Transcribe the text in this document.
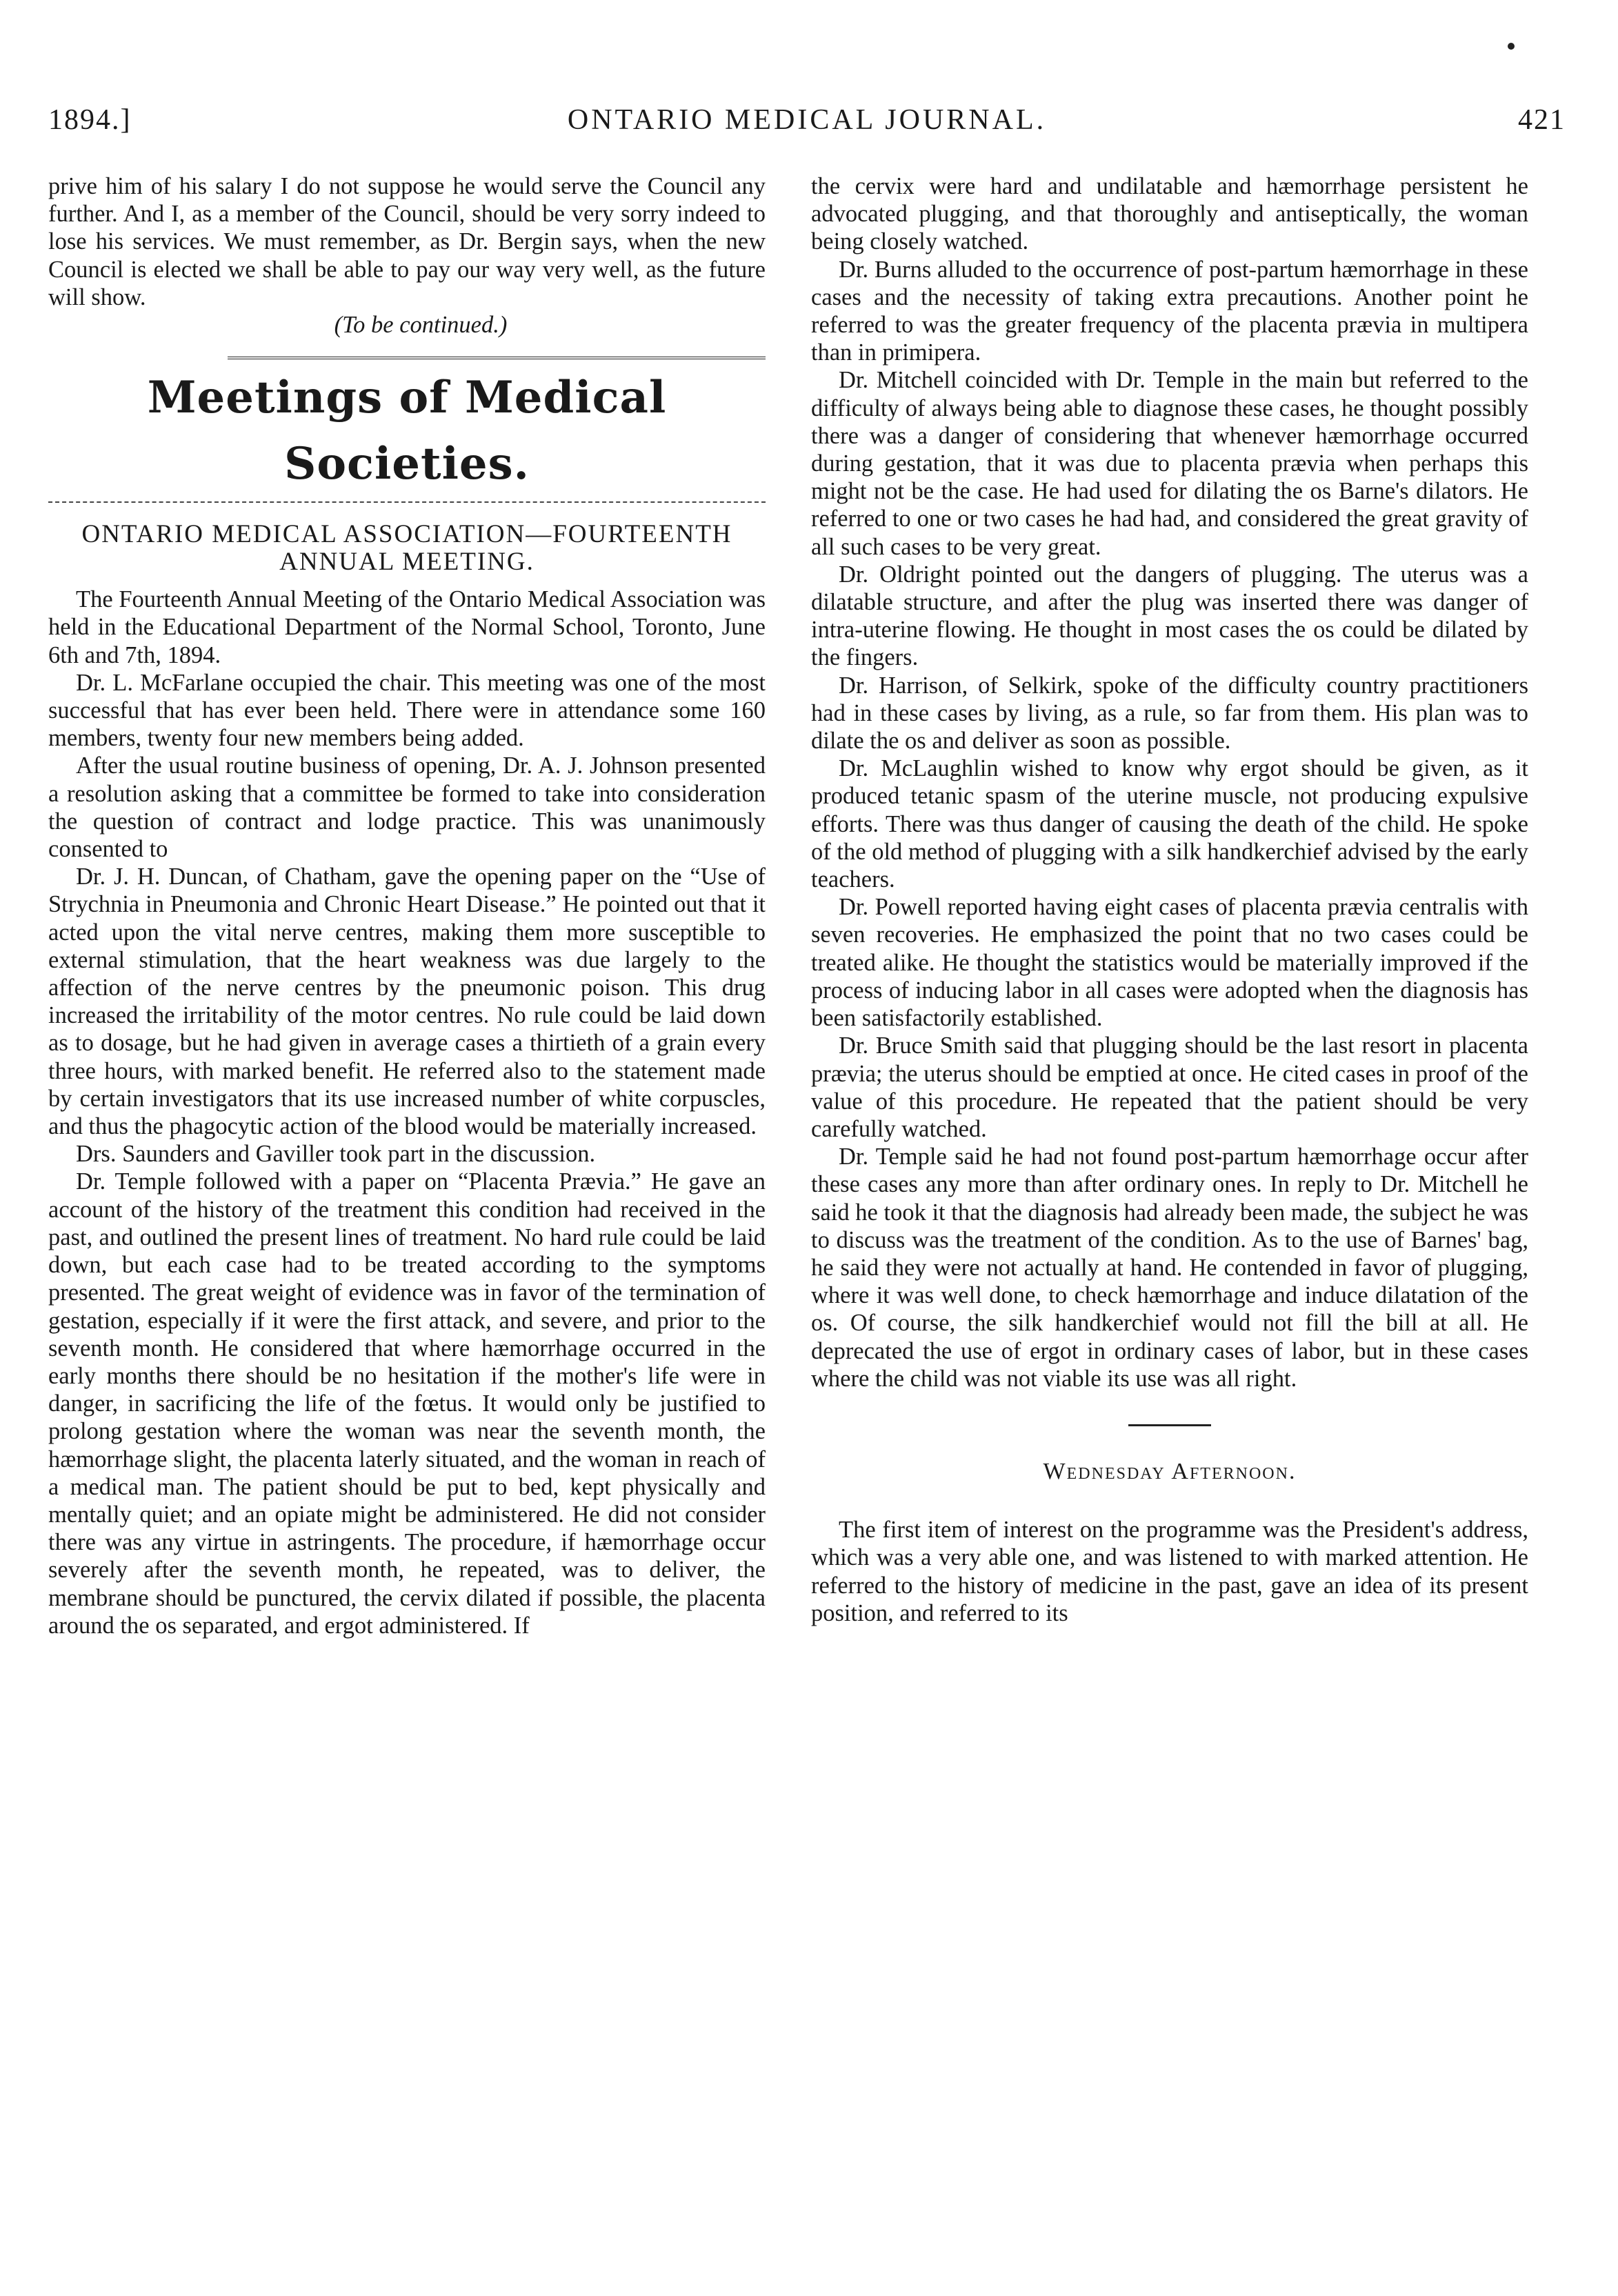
1894.]	ONTARIO MEDICAL JOURNAL.	421

prive him of his salary I do not suppose he would serve the Council any further. And I, as a member of the Council, should be very sorry indeed to lose his services. We must remember, as Dr. Bergin says, when the new Council is elected we shall be able to pay our way very well, as the future will show.

(To be continued.)

Meetings of Medical Societies.
ONTARIO MEDICAL ASSOCIATION—FOURTEENTH ANNUAL MEETING.

The Fourteenth Annual Meeting of the Ontario Medical Association was held in the Educational Department of the Normal School, Toronto, June 6th and 7th, 1894.

Dr. L. McFarlane occupied the chair. This meeting was one of the most successful that has ever been held. There were in attendance some 160 members, twenty four new members being added.

After the usual routine business of opening, Dr. A. J. Johnson presented a resolution asking that a committee be formed to take into consideration the question of contract and lodge practice. This was unanimously consented to

Dr. J. H. Duncan, of Chatham, gave the opening paper on the “Use of Strychnia in Pneumonia and Chronic Heart Disease.” He pointed out that it acted upon the vital nerve centres, making them more susceptible to external stimulation, that the heart weakness was due largely to the affection of the nerve centres by the pneumonic poison. This drug increased the irritability of the motor centres. No rule could be laid down as to dosage, but he had given in average cases a thirtieth of a grain every three hours, with marked benefit. He referred also to the statement made by certain investigators that its use increased number of white corpuscles, and thus the phagocytic action of the blood would be materially increased.

Drs. Saunders and Gaviller took part in the discussion.

Dr. Temple followed with a paper on “Placenta Prævia.” He gave an account of the history of the treatment this condition had received in the past, and outlined the present lines of treatment. No hard rule could be laid down, but each case had to be treated according to the symptoms presented. The great weight of evidence was in favor of the termination of gestation, especially if it were the first attack, and severe, and prior to the seventh month. He considered that where hæmorrhage occurred in the early months there should be no hesitation if the mother's life were in danger, in sacrificing the life of the fœtus. It would only be justified to prolong gestation where the woman was near the seventh month, the hæmorrhage slight, the placenta laterly situated, and the woman in reach of a medical man. The patient should be put to bed, kept physically and mentally quiet; and an opiate might be administered. He did not consider there was any virtue in astringents. The procedure, if hæmorrhage occur severely after the seventh month, he repeated, was to deliver, the membrane should be punctured, the cervix dilated if possible, the placenta around the os separated, and ergot administered. If

the cervix were hard and undilatable and hæmorrhage persistent he advocated plugging, and that thoroughly and antiseptically, the woman being closely watched.

Dr. Burns alluded to the occurrence of post-partum hæmorrhage in these cases and the necessity of taking extra precautions. Another point he referred to was the greater frequency of the placenta prævia in multipera than in primipera.

Dr. Mitchell coincided with Dr. Temple in the main but referred to the difficulty of always being able to diagnose these cases, he thought possibly there was a danger of considering that whenever hæmorrhage occurred during gestation, that it was due to placenta prævia when perhaps this might not be the case. He had used for dilating the os Barne's dilators. He referred to one or two cases he had had, and considered the great gravity of all such cases to be very great.

Dr. Oldright pointed out the dangers of plugging. The uterus was a dilatable structure, and after the plug was inserted there was danger of intra-uterine flowing. He thought in most cases the os could be dilated by the fingers.

Dr. Harrison, of Selkirk, spoke of the difficulty country practitioners had in these cases by living, as a rule, so far from them. His plan was to dilate the os and deliver as soon as possible.

Dr. McLaughlin wished to know why ergot should be given, as it produced tetanic spasm of the uterine muscle, not producing expulsive efforts. There was thus danger of causing the death of the child. He spoke of the old method of plugging with a silk handkerchief advised by the early teachers.

Dr. Powell reported having eight cases of placenta prævia centralis with seven recoveries. He emphasized the point that no two cases could be treated alike. He thought the statistics would be materially improved if the process of inducing labor in all cases were adopted when the diagnosis has been satisfactorily established.

Dr. Bruce Smith said that plugging should be the last resort in placenta prævia; the uterus should be emptied at once. He cited cases in proof of the value of this procedure. He repeated that the patient should be very carefully watched.

Dr. Temple said he had not found post-partum hæmorrhage occur after these cases any more than after ordinary ones. In reply to Dr. Mitchell he said he took it that the diagnosis had already been made, the subject he was to discuss was the treatment of the condition. As to the use of Barnes' bag, he said they were not actually at hand. He contended in favor of plugging, where it was well done, to check hæmorrhage and induce dilatation of the os. Of course, the silk handkerchief would not fill the bill at all. He deprecated the use of ergot in ordinary cases of labor, but in these cases where the child was not viable its use was all right.

Wednesday Afternoon.

The first item of interest on the programme was the President's address, which was a very able one, and was listened to with marked attention. He referred to the history of medicine in the past, gave an idea of its present position, and referred to its
